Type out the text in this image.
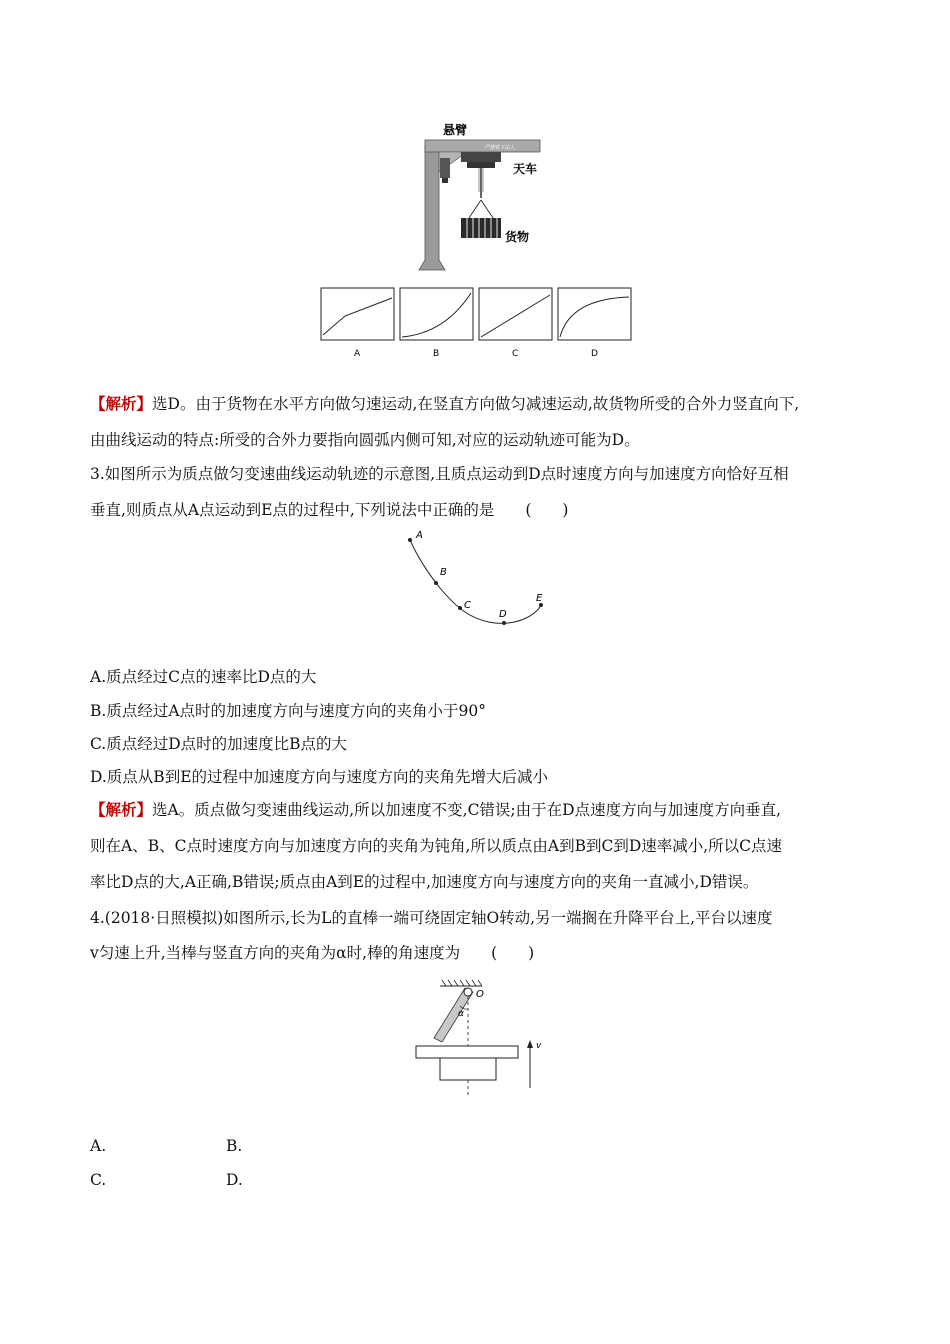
悬臂
严禁臂下站人
天车
货物
A	B	C	D
【解析】选D。由于货物在水平方向做匀速运动,在竖直方向做匀减速运动,故货物所受的合外力竖直向下,
由曲线运动的特点:所受的合外力要指向圆弧内侧可知,对应的运动轨迹可能为D。
3.如图所示为质点做匀变速曲线运动轨迹的示意图,且质点运动到D点时速度方向与加速度方向恰好互相
垂直,则质点从A点运动到E点的过程中,下列说法中正确的是　　(　　)
A
B
C
D
E
A.质点经过C点的速率比D点的大
B.质点经过A点时的加速度方向与速度方向的夹角小于90°
C.质点经过D点时的加速度比B点的大
D.质点从B到E的过程中加速度方向与速度方向的夹角先增大后减小
【解析】选A。质点做匀变速曲线运动,所以加速度不变,C错误;由于在D点速度方向与加速度方向垂直,
则在A、B、C点时速度方向与加速度方向的夹角为钝角,所以质点由A到B到C到D速率减小,所以C点速
率比D点的大,A正确,B错误;质点由A到E的过程中,加速度方向与速度方向的夹角一直减小,D错误。
4.(2018·日照模拟)如图所示,长为L的直棒一端可绕固定轴O转动,另一端搁在升降平台上,平台以速度
v匀速上升,当棒与竖直方向的夹角为α时,棒的角速度为　　(　　)
O
α
v
A.	B.
C.	D.
